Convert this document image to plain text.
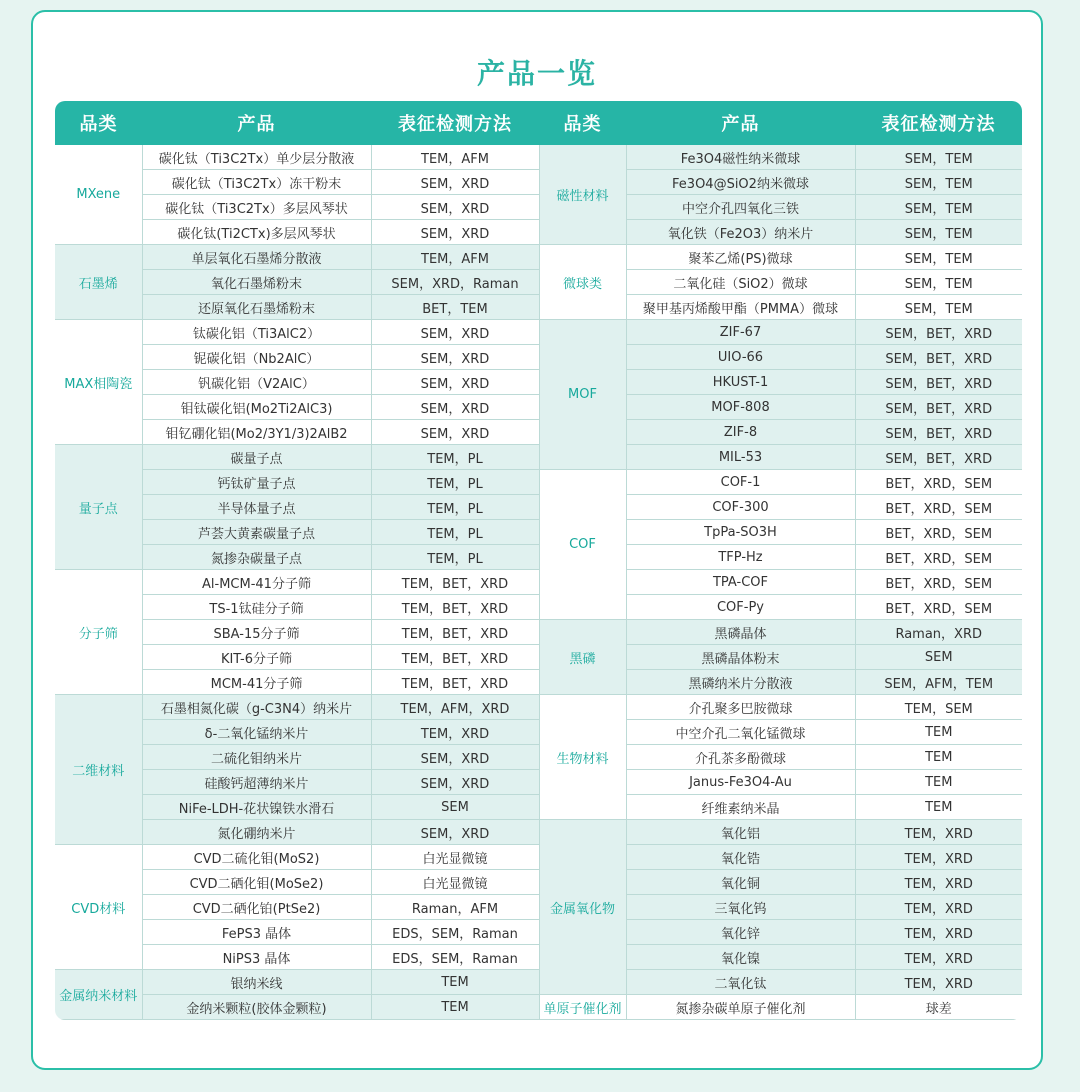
产品一览
品类	产品	表征检测方法	品类	产品	表征检测方法
MXene	碳化钛（Ti3C2Tx）单少层分散液	TEM，AFM	磁性材料	Fe3O4磁性纳米微球	SEM，TEM
	碳化钛（Ti3C2Tx）冻干粉末	SEM，XRD		Fe3O4@SiO2纳米微球	SEM，TEM
	碳化钛（Ti3C2Tx）多层风琴状	SEM，XRD		中空介孔四氧化三铁	SEM，TEM
	碳化钛(Ti2CTx)多层风琴状	SEM，XRD		氧化铁（Fe2O3）纳米片	SEM，TEM
石墨烯	单层氧化石墨烯分散液	TEM，AFM	微球类	聚苯乙烯(PS)微球	SEM，TEM
	氧化石墨烯粉末	SEM，XRD，Raman		二氧化硅（SiO2）微球	SEM，TEM
	还原氧化石墨烯粉末	BET，TEM		聚甲基丙烯酸甲酯（PMMA）微球	SEM，TEM
MAX相陶瓷	钛碳化铝（Ti3AlC2）	SEM，XRD	MOF	ZIF-67	SEM，BET，XRD
	铌碳化铝（Nb2AlC）	SEM，XRD		UIO-66	SEM，BET，XRD
	钒碳化铝（V2AlC）	SEM，XRD		HKUST-1	SEM，BET，XRD
	钼钛碳化铝(Mo2Ti2AlC3)	SEM，XRD		MOF-808	SEM，BET，XRD
	钼钇硼化铝(Mo2/3Y1/3)2AlB2	SEM，XRD		ZIF-8	SEM，BET，XRD
量子点	碳量子点	TEM，PL		MIL-53	SEM，BET，XRD
	钙钛矿量子点	TEM，PL	COF	COF-1	BET，XRD，SEM
	半导体量子点	TEM，PL		COF-300	BET，XRD，SEM
	芦荟大黄素碳量子点	TEM，PL		TpPa-SO3H	BET，XRD，SEM
	氮掺杂碳量子点	TEM，PL		TFP-Hz	BET，XRD，SEM
分子筛	Al-MCM-41分子筛	TEM，BET，XRD		TPA-COF	BET，XRD，SEM
	TS-1钛硅分子筛	TEM，BET，XRD		COF-Py	BET，XRD，SEM
	SBA-15分子筛	TEM，BET，XRD	黑磷	黑磷晶体	Raman，XRD
	KIT-6分子筛	TEM，BET，XRD		黑磷晶体粉末	SEM
	MCM-41分子筛	TEM，BET，XRD		黑磷纳米片分散液	SEM，AFM，TEM
二维材料	石墨相氮化碳（g-C3N4）纳米片	TEM，AFM，XRD	生物材料	介孔聚多巴胺微球	TEM，SEM
	δ-二氧化锰纳米片	TEM，XRD		中空介孔二氧化锰微球	TEM
	二硫化钼纳米片	SEM，XRD		介孔茶多酚微球	TEM
	硅酸钙超薄纳米片	SEM，XRD		Janus-Fe3O4-Au	TEM
	NiFe-LDH-花状镍铁水滑石	SEM		纤维素纳米晶	TEM
	氮化硼纳米片	SEM，XRD	金属氧化物	氧化铝	TEM，XRD
CVD材料	CVD二硫化钼(MoS2)	白光显微镜		氧化锆	TEM，XRD
	CVD二硒化钼(MoSe2)	白光显微镜		氧化铜	TEM，XRD
	CVD二硒化铂(PtSe2)	Raman，AFM		三氧化钨	TEM，XRD
	FePS3 晶体	EDS，SEM，Raman		氧化锌	TEM，XRD
	NiPS3 晶体	EDS，SEM，Raman		氧化镍	TEM，XRD
金属纳米材料	银纳米线	TEM		二氧化钛	TEM，XRD
	金纳米颗粒(胶体金颗粒)	TEM	单原子催化剂	氮掺杂碳单原子催化剂	球差
